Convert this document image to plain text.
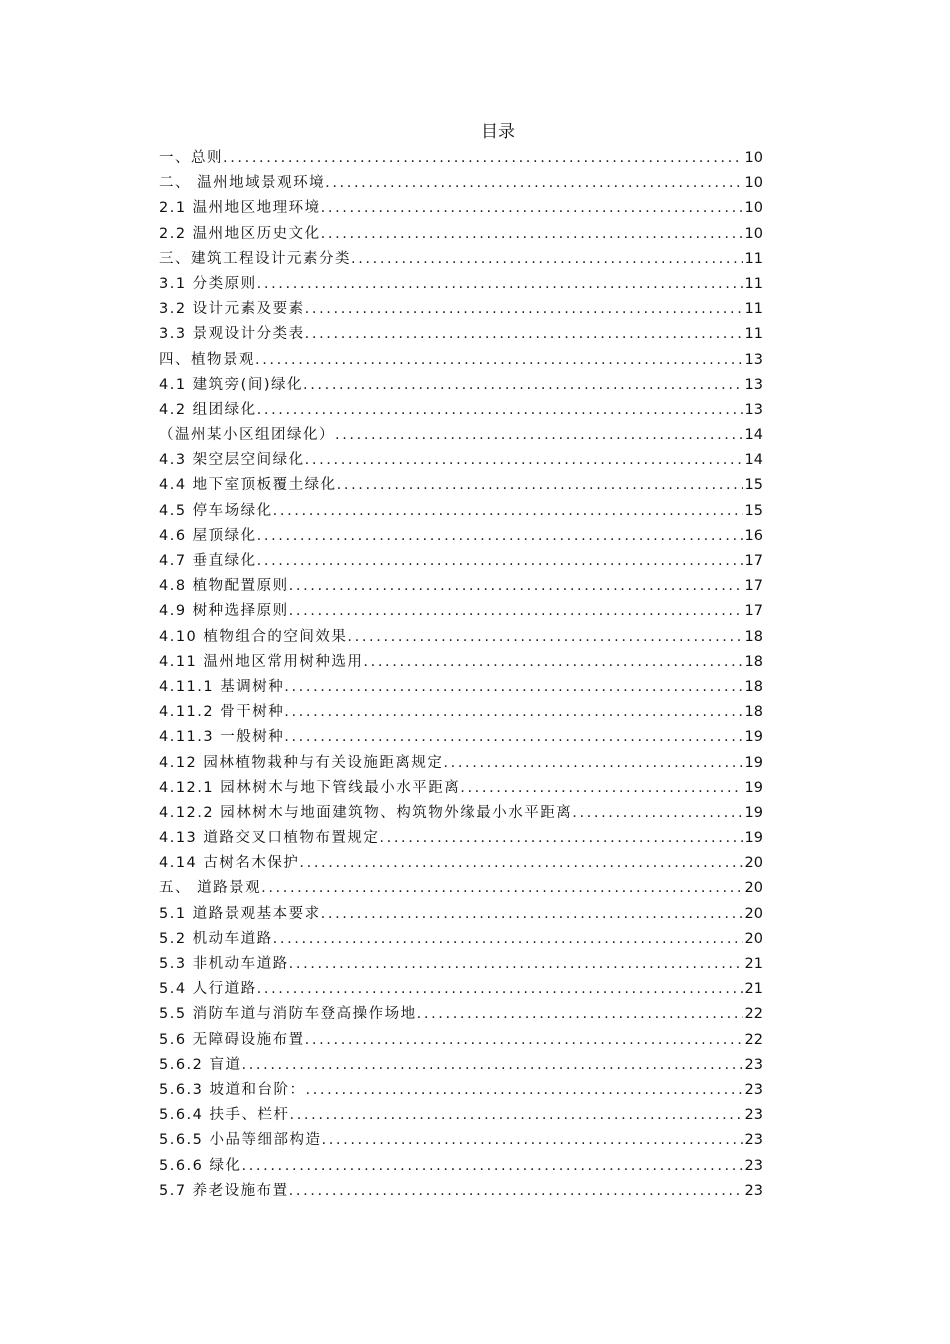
目录
一、总则 .....	10
二、 温州地域景观环境 .....	10
2.1 温州地区地理环境 .....	10
2.2 温州地区历史文化 .....	10
三、建筑工程设计元素分类 .....	11
3.1 分类原则 .....	11
3.2 设计元素及要素 .....	11
3.3 景观设计分类表 .....	11
四、植物景观 .....	13
4.1 建筑旁(间)绿化 .....	13
4.2 组团绿化 .....	13
（温州某小区组团绿化） .....	14
4.3 架空层空间绿化 .....	14
4.4 地下室顶板覆土绿化 .....	15
4.5 停车场绿化 .....	15
4.6 屋顶绿化 .....	16
4.7 垂直绿化 .....	17
4.8 植物配置原则 .....	17
4.9 树种选择原则 .....	17
4.10 植物组合的空间效果 .....	18
4.11 温州地区常用树种选用 .....	18
4.11.1 基调树种 .....	18
4.11.2 骨干树种 .....	18
4.11.3 一般树种 .....	19
4.12 园林植物栽种与有关设施距离规定 .....	19
4.12.1 园林树木与地下管线最小水平距离 .....	19
4.12.2 园林树木与地面建筑物、构筑物外缘最小水平距离 .....	19
4.13 道路交叉口植物布置规定 .....	19
4.14 古树名木保护 .....	20
五、 道路景观 .....	20
5.1 道路景观基本要求 .....	20
5.2 机动车道路 .....	20
5.3 非机动车道路 .....	21
5.4 人行道路 .....	21
5.5 消防车道与消防车登高操作场地 .....	22
5.6 无障碍设施布置 .....	22
5.6.2 盲道 .....	23
5.6.3 坡道和台阶： .....	23
5.6.4 扶手、栏杆 .....	23
5.6.5 小品等细部构造 .....	23
5.6.6 绿化 .....	23
5.7 养老设施布置 .....	23
